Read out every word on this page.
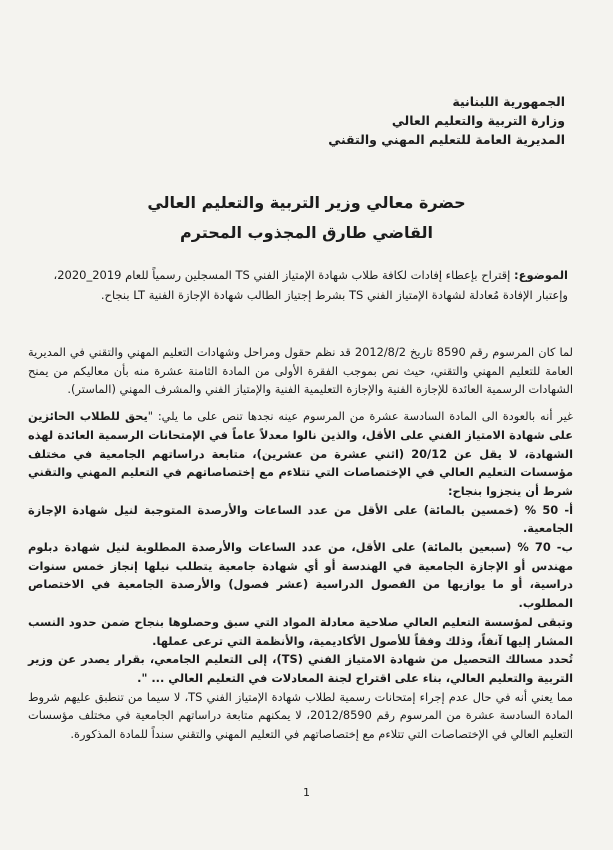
الجمهورية اللبنانية
وزارة التربية والتعليم العالي
المديرية العامة للتعليم المهني والتقني
حضرة معالي وزير التربية والتعليم العالي
القاضي طارق المجذوب المحترم
الموضوع: إقتراح بإعطاء إفادات لكافة طلاب شهادة الإمتياز الفني TS المسجلين رسمياً للعام 2019_2020،
وإعتبار الإفادة مُعادلة لشهادة الإمتياز الفني TS بشرط إجتياز الطالب شهادة الإجازة الفنية LT بنجاح.

لما كان المرسوم رقم 8590 تاريخ 2012/8/2 قد نظم حقول ومراحل وشهادات التعليم المهني والتقني في المديرية العامة للتعليم المهني والتقني، حيث نص بموجب الفقرة الأولى من المادة الثامنة عشرة منه بأن معاليكم من يمنح الشهادات الرسمية العائدة للإجازة الفنية والإجازة التعليمية الفنية والإمتياز الفني والمشرف المهني (الماستر).

غير أنه بالعودة الى المادة السادسة عشرة من المرسوم عينه نجدها تنص على ما يلي: "يحق للطلاب الحائزين على شهادة الامتياز الفني على الأقل، والذين نالوا معدلاً عاماً في الإمتحانات الرسمية العائدة لهذه الشهادة، لا يقل عن 20/12 (اثني عشرة من عشرين)، متابعة دراساتهم الجامعية في مختلف مؤسسات التعليم العالي في الإختصاصات التي تتلاءم مع إختصاصاتهم في التعليم المهني والتقني شرط أن ينجزوا بنجاح:

أ- 50 % (خمسين بالمائة) على الأقل من عدد الساعات والأرصدة المتوجبة لنيل شهادة الإجازة الجامعية.

ب- 70 % (سبعين بالمائة) على الأقل، من عدد الساعات والأرصدة المطلوبة لنيل شهادة دبلوم مهندس أو الإجازة الجامعية في الهندسة أو أي شهادة جامعية يتطلب نيلها إنجاز خمس سنوات دراسية، أو ما يوازيها من الفصول الدراسية (عشر فصول) والأرصدة الجامعية في الاختصاص المطلوب.

وتبقى لمؤسسة التعليم العالي صلاحية معادلة المواد التي سبق وحصلوها بنجاح ضمن حدود النسب المشار إليها آنفاً، وذلك وفقاً للأصول الأكاديمية، والأنظمة التي ترعى عملها.

تُحدد مسالك التحصيل من شهادة الامتياز الفني (TS)، إلى التعليم الجامعي، بقرار يصدر عن وزير التربية والتعليم العالي، بناء على اقتراح لجنة المعادلات في التعليم العالي ... ".

مما يعني أنه في حال عدم إجراء إمتحانات رسمية لطلاب شهادة الإمتياز الفني TS، لا سيما من تنطبق عليهم شروط المادة السادسة عشرة من المرسوم رقم 2012/8590، لا يمكنهم متابعة دراساتهم الجامعية في مختلف مؤسسات التعليم العالي في الإختصاصات التي تتلاءم مع إختصاصاتهم في التعليم المهني والتقني سنداً للمادة المذكورة.

1
